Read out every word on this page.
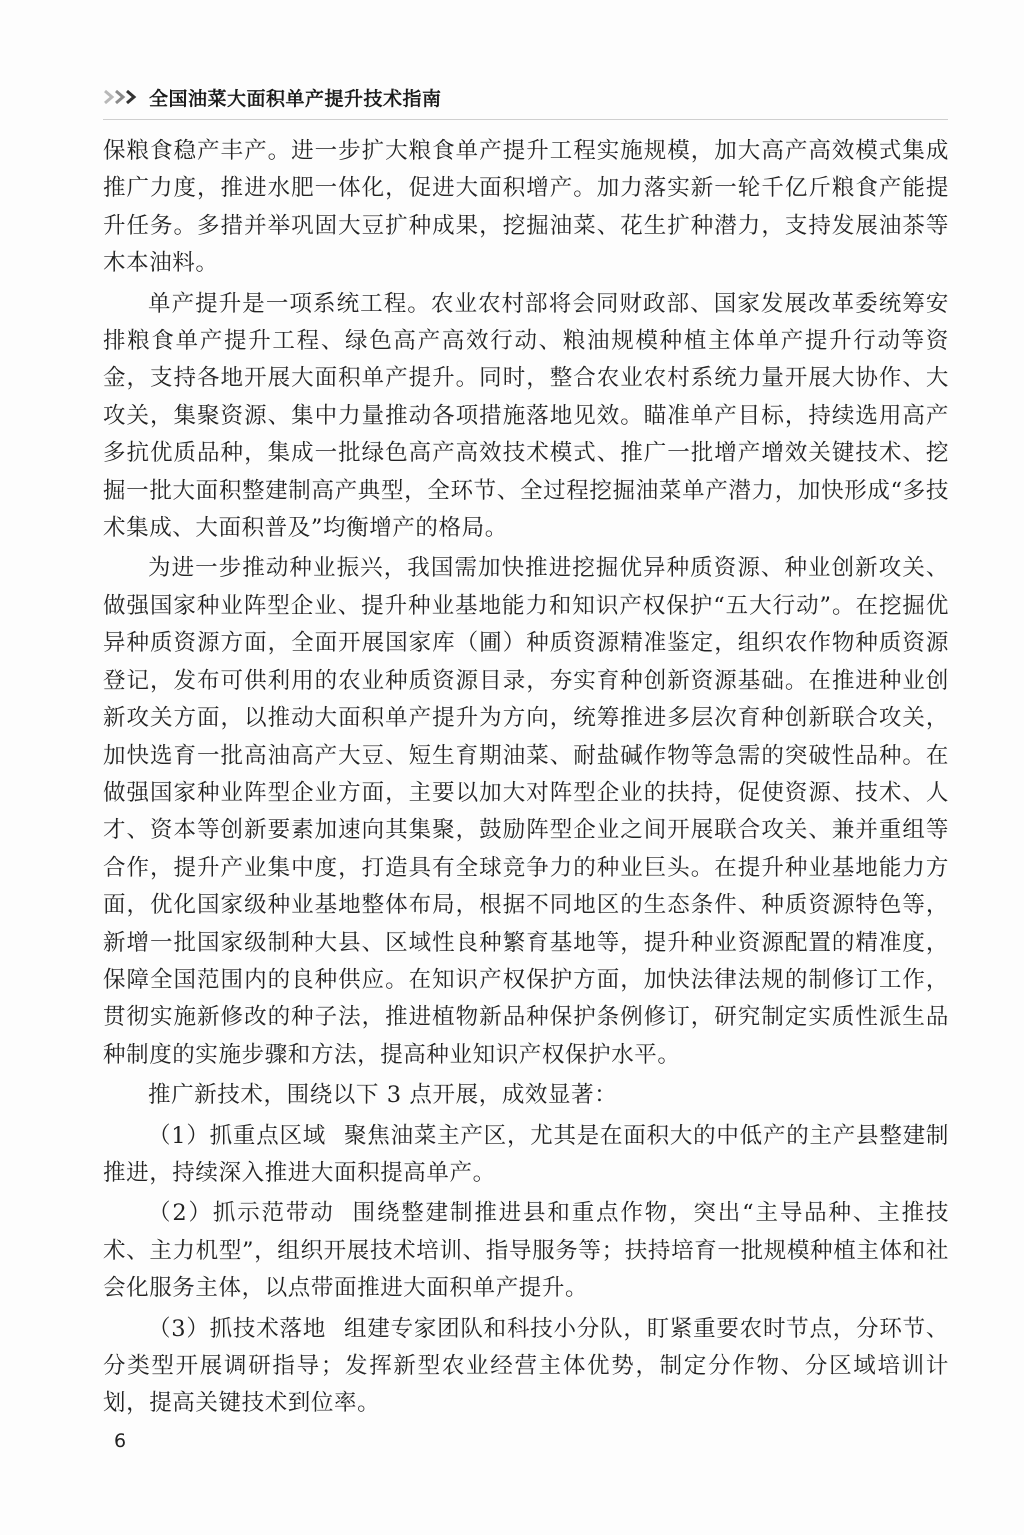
全国油菜大面积单产提升技术指南

保粮食稳产丰产。进一步扩大粮食单产提升工程实施规模，加大高产高效模式集成推广力度，推进水肥一体化，促进大面积增产。加力落实新一轮千亿斤粮食产能提升任务。多措并举巩固大豆扩种成果，挖掘油菜、花生扩种潜力，支持发展油茶等木本油料。

单产提升是一项系统工程。农业农村部将会同财政部、国家发展改革委统筹安排粮食单产提升工程、绿色高产高效行动、粮油规模种植主体单产提升行动等资金，支持各地开展大面积单产提升。同时，整合农业农村系统力量开展大协作、大攻关，集聚资源、集中力量推动各项措施落地见效。瞄准单产目标，持续选用高产多抗优质品种，集成一批绿色高产高效技术模式、推广一批增产增效关键技术、挖掘一批大面积整建制高产典型，全环节、全过程挖掘油菜单产潜力，加快形成“多技术集成、大面积普及”均衡增产的格局。

为进一步推动种业振兴，我国需加快推进挖掘优异种质资源、种业创新攻关、做强国家种业阵型企业、提升种业基地能力和知识产权保护“五大行动”。在挖掘优异种质资源方面，全面开展国家库（圃）种质资源精准鉴定，组织农作物种质资源登记，发布可供利用的农业种质资源目录，夯实育种创新资源基础。在推进种业创新攻关方面，以推动大面积单产提升为方向，统筹推进多层次育种创新联合攻关，加快选育一批高油高产大豆、短生育期油菜、耐盐碱作物等急需的突破性品种。在做强国家种业阵型企业方面，主要以加大对阵型企业的扶持，促使资源、技术、人才、资本等创新要素加速向其集聚，鼓励阵型企业之间开展联合攻关、兼并重组等合作，提升产业集中度，打造具有全球竞争力的种业巨头。在提升种业基地能力方面，优化国家级种业基地整体布局，根据不同地区的生态条件、种质资源特色等，新增一批国家级制种大县、区域性良种繁育基地等，提升种业资源配置的精准度，保障全国范围内的良种供应。在知识产权保护方面，加快法律法规的制修订工作，贯彻实施新修改的种子法，推进植物新品种保护条例修订，研究制定实质性派生品种制度的实施步骤和方法，提高种业知识产权保护水平。

推广新技术，围绕以下 3 点开展，成效显著：

（1）抓重点区域 聚焦油菜主产区，尤其是在面积大的中低产的主产县整建制推进，持续深入推进大面积提高单产。

（2）抓示范带动 围绕整建制推进县和重点作物，突出“主导品种、主推技术、主力机型”，组织开展技术培训、指导服务等；扶持培育一批规模种植主体和社会化服务主体，以点带面推进大面积单产提升。

（3）抓技术落地 组建专家团队和科技小分队，盯紧重要农时节点，分环节、分类型开展调研指导；发挥新型农业经营主体优势，制定分作物、分区域培训计划，提高关键技术到位率。

6
